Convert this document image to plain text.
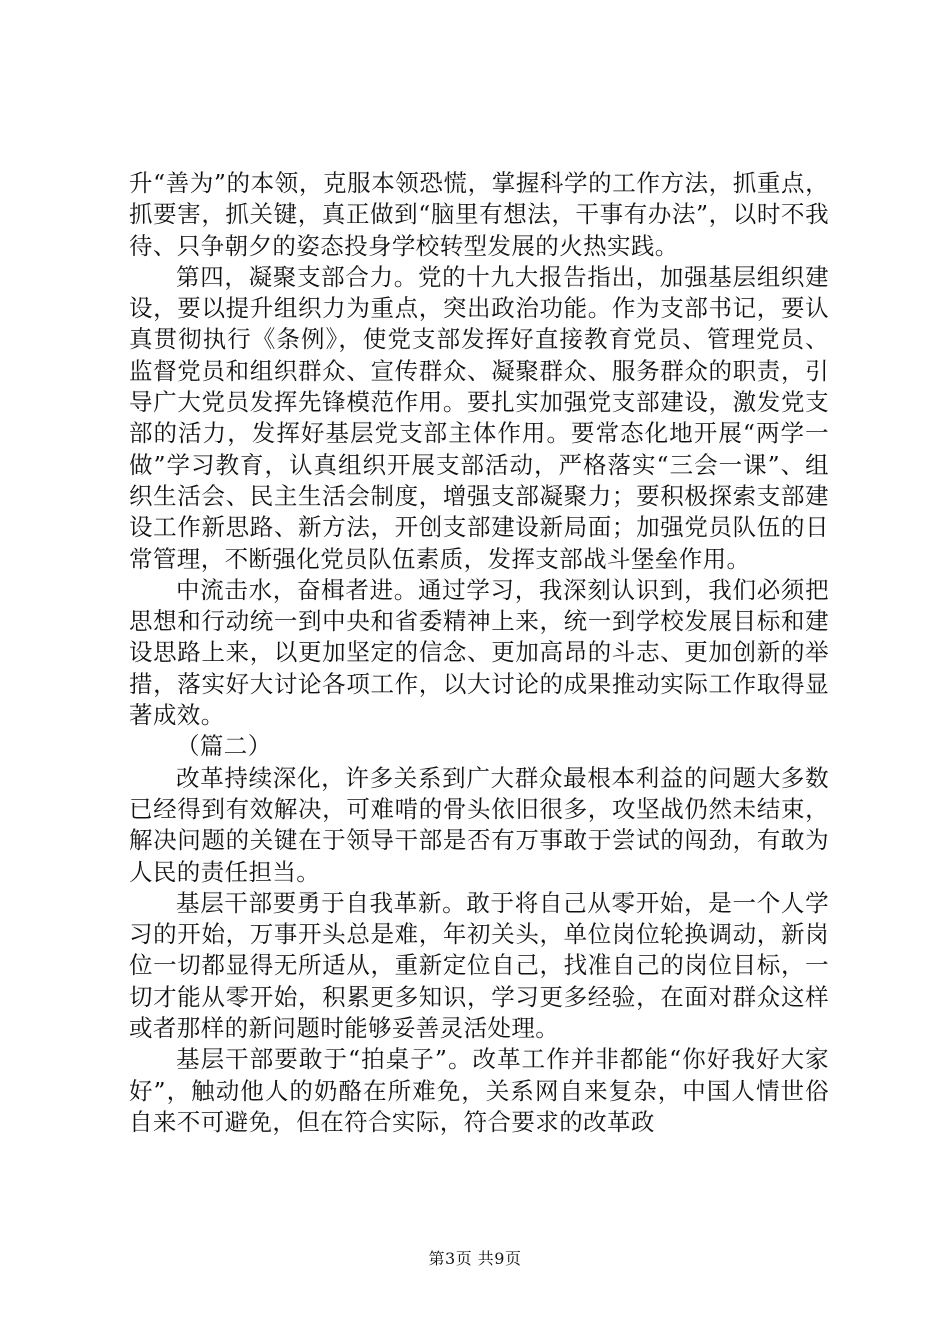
升“善为”的本领，克服本领恐慌，掌握科学的工作方法，抓重点，抓要害，抓关键，真正做到“脑里有想法，干事有办法”，以时不我待、只争朝夕的姿态投身学校转型发展的火热实践。

第四，凝聚支部合力。党的十九大报告指出，加强基层组织建设，要以提升组织力为重点，突出政治功能。作为支部书记，要认真贯彻执行《条例》，使党支部发挥好直接教育党员、管理党员、监督党员和组织群众、宣传群众、凝聚群众、服务群众的职责，引导广大党员发挥先锋模范作用。要扎实加强党支部建设，激发党支部的活力，发挥好基层党支部主体作用。要常态化地开展“两学一做”学习教育，认真组织开展支部活动，严格落实“三会一课”、组织生活会、民主生活会制度，增强支部凝聚力；要积极探索支部建设工作新思路、新方法，开创支部建设新局面；加强党员队伍的日常管理，不断强化党员队伍素质，发挥支部战斗堡垒作用。

中流击水，奋楫者进。通过学习，我深刻认识到，我们必须把思想和行动统一到中央和省委精神上来，统一到学校发展目标和建设思路上来，以更加坚定的信念、更加高昂的斗志、更加创新的举措，落实好大讨论各项工作，以大讨论的成果推动实际工作取得显著成效。

（篇二）

改革持续深化，许多关系到广大群众最根本利益的问题大多数已经得到有效解决，可难啃的骨头依旧很多，攻坚战仍然未结束，解决问题的关键在于领导干部是否有万事敢于尝试的闯劲，有敢为人民的责任担当。

基层干部要勇于自我革新。敢于将自己从零开始，是一个人学习的开始，万事开头总是难，年初关头，单位岗位轮换调动，新岗位一切都显得无所适从，重新定位自己，找准自己的岗位目标，一切才能从零开始，积累更多知识，学习更多经验，在面对群众这样或者那样的新问题时能够妥善灵活处理。

基层干部要敢于“拍桌子”。改革工作并非都能“你好我好大家好”，触动他人的奶酪在所难免，关系网自来复杂，中国人情世俗自来不可避免，但在符合实际，符合要求的改革政

第3页 共9页
